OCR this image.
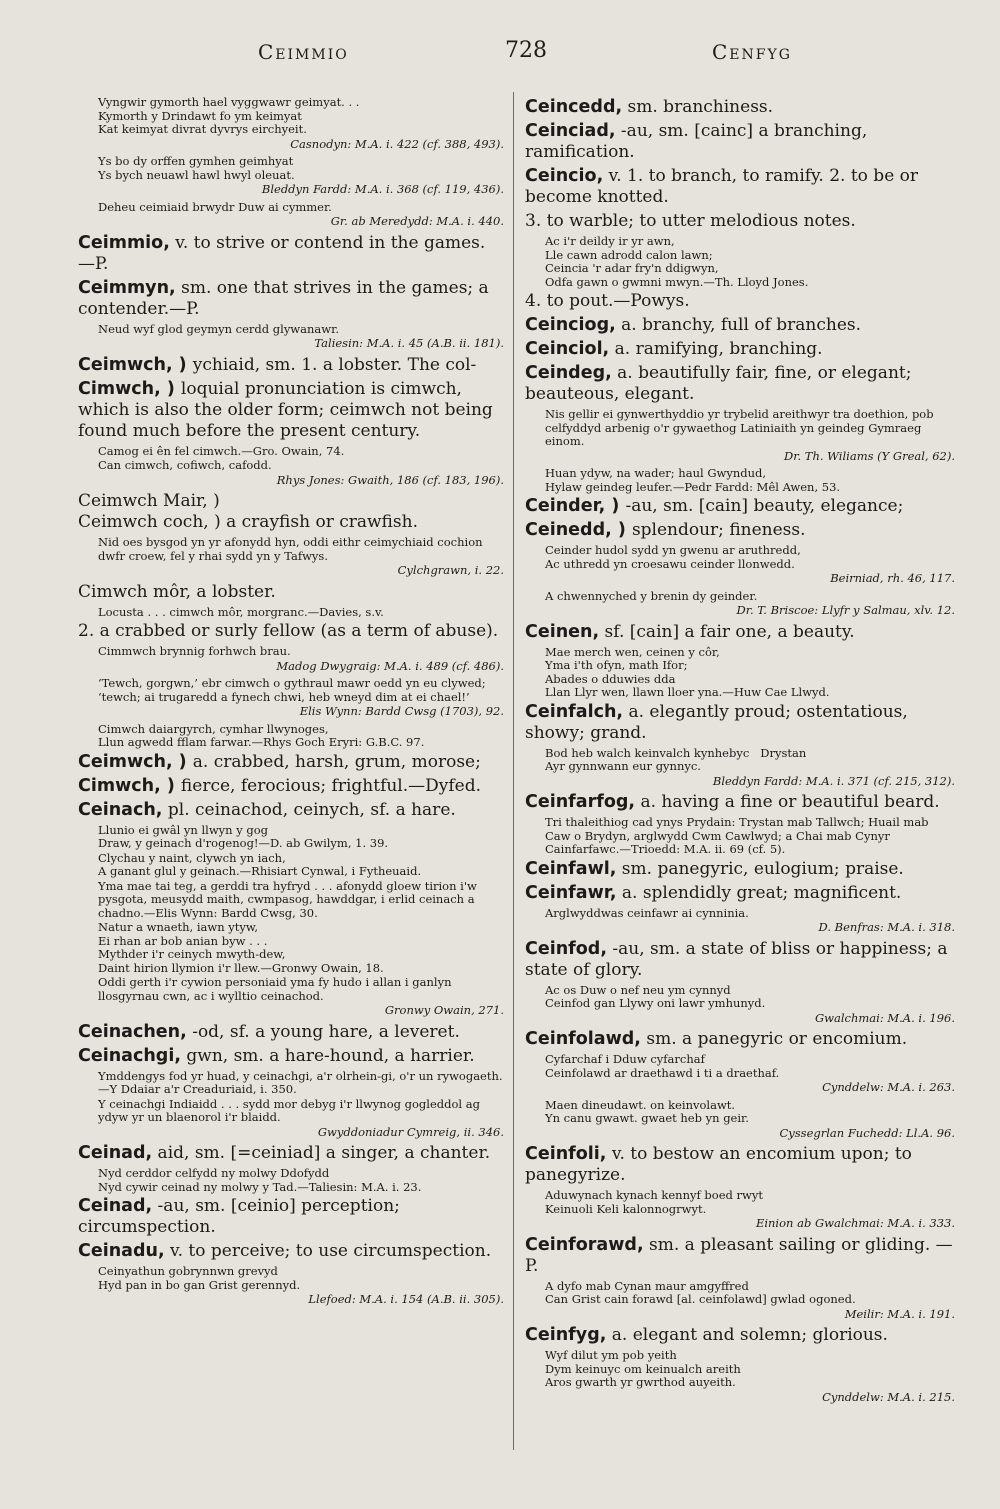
Ceimmio	728	Cenfyg
Vyngwir gymorth hael vyggwawr geimyat. . .
Kymorth y Drindawt fo ym keimyat
Kat keimyat divrat dyvrys eirchyeit.
Casnodyn: M.A. i. 422 (cf. 388, 493).
Ys bo dy orffen gymhen geimhyat
Ys bych neuawl hawl hwyl oleuat.
Bleddyn Fardd: M.A. i. 368 (cf. 119, 436).
Deheu ceimiaid brwydr Duw ai cymmer.
Gr. ab Meredydd: M.A. i. 440.
Ceimmio, v. to strive or contend in the games. —P.
Ceimmyn, sm. one that strives in the games; a contender.—P.
Neud wyf glod geymyn cerdd glywanawr.
Taliesin: M.A. i. 45 (A.B. ii. 181).
Ceimwch, ) ychiaid, sm. 1. a lobster. The col-
Cimwch, ) loquial pronunciation is cimwch, which is also the older form; ceimwch not being found much before the present century.
Camog ei ên fel cimwch.—Gro. Owain, 74.
Can cimwch, cofiwch, cafodd.
Rhys Jones: Gwaith, 186 (cf. 183, 196).
Ceimwch Mair, )
Ceimwch coch, ) a crayfish or crawfish.
Nid oes bysgod yn yr afonydd hyn, oddi eithr ceimychiaid cochion dwfr croew, fel y rhai sydd yn y Tafwys.
Cylchgrawn, i. 22.
Cimwch môr, a lobster.
Locusta . . . cimwch môr, morgranc.—Davies, s.v.
2. a crabbed or surly fellow (as a term of abuse).
Cimmwch brynnig forhwch brau.
Madog Dwygraig: M.A. i. 489 (cf. 486).
‘Tewch, gorgwn,’ ebr cimwch o gythraul mawr oedd yn eu clywed; ‘tewch; ai trugaredd a fynech chwi, heb wneyd dim at ei chael!’
Elis Wynn: Bardd Cwsg (1703), 92.
Cimwch daiargyrch, cymhar llwynoges,
Llun agwedd fflam farwar.—Rhys Goch Eryri: G.B.C. 97.
Ceimwch, ) a. crabbed, harsh, grum, morose;
Cimwch, ) fierce, ferocious; frightful.—Dyfed.
Ceinach, pl. ceinachod, ceinych, sf. a hare.
Llunio ei gwâl yn llwyn y gog
Draw, y geinach d'rogenog!—D. ab Gwilym, 1. 39.
Clychau y naint, clywch yn iach,
A ganant glul y geinach.—Rhisiart Cynwal, i Fytheuaid.
Yma mae tai teg, a gerddi tra hyfryd . . . afonydd gloew tirion i'w pysgota, meusydd maith, cwmpasog, hawddgar, i erlid ceinach a chadno.—Elis Wynn: Bardd Cwsg, 30.
Natur a wnaeth, iawn ytyw,
Ei rhan ar bob anian byw . . .
Mythder i'r ceinych mwyth-dew,
Daint hirion llymion i'r llew.—Gronwy Owain, 18.
Oddi gerth i'r cywion personiaid yma fy hudo i allan i ganlyn llosgyrnau cwn, ac i wylltio ceinachod.
Gronwy Owain, 271.
Ceinachen, -od, sf. a young hare, a leveret.
Ceinachgi, gwn, sm. a hare-hound, a harrier.
Ymddengys fod yr huad, y ceinachgi, a'r olrhein-gi, o'r un rywogaeth.—Y Ddaiar a'r Creaduriaid, i. 350.
Y ceinachgi Indiaidd . . . sydd mor debyg i'r llwynog gogleddol ag ydyw yr un blaenorol i'r blaidd.
Gwyddoniadur Cymreig, ii. 346.
Ceinad, aid, sm. [=ceiniad] a singer, a chanter.
Nyd cerddor celfydd ny molwy Ddofydd
Nyd cywir ceinad ny molwy y Tad.—Taliesin: M.A. i. 23.
Ceinad, -au, sm. [ceinio] perception; circumspection.
Ceinadu, v. to perceive; to use circumspection.
Ceinyathun gobrynnwn grevyd
Hyd pan in bo gan Grist gerennyd.
Llefoed: M.A. i. 154 (A.B. ii. 305).
Ceincedd, sm. branchiness.
Ceinciad, -au, sm. [cainc] a branching, ramification.
Ceincio, v. 1. to branch, to ramify. 2. to be or become knotted.
3. to warble; to utter melodious notes.
Ac i'r deildy ir yr awn,
Lle cawn adrodd calon lawn;
Ceincia 'r adar fry'n ddigwyn,
Odfa gawn o gwmni mwyn.—Th. Lloyd Jones.
4. to pout.—Powys.
Ceinciog, a. branchy, full of branches.
Ceinciol, a. ramifying, branching.
Ceindeg, a. beautifully fair, fine, or elegant; beauteous, elegant.
Nis gellir ei gynwerthyddio yr trybelid areithwyr tra doethion, pob celfyddyd arbenig o'r gywaethog Latiniaith yn geindeg Gymraeg einom.
Dr. Th. Wiliams (Y Greal, 62).
Huan ydyw, na wader; haul Gwyndud,
Hylaw geindeg leufer.—Pedr Fardd: Mêl Awen, 53.
Ceinder, ) -au, sm. [cain] beauty, elegance;
Ceinedd, ) splendour; fineness.
Ceinder hudol sydd yn gwenu ar aruthredd,
Ac uthredd yn croesawu ceinder llonwedd.
Beirniad, rh. 46, 117.
A chwennyched y brenin dy geinder.
Dr. T. Briscoe: Llyfr y Salmau, xlv. 12.
Ceinen, sf. [cain] a fair one, a beauty.
Mae merch wen, ceinen y côr,
Yma i'th ofyn, math Ifor;
Abades o dduwies dda
Llan Llyr wen, llawn lloer yna.—Huw Cae Llwyd.
Ceinfalch, a. elegantly proud; ostentatious, showy; grand.
Bod heb walch keinvalch kynhebyc   Drystan
Ayr gynnwann eur gynnyc.
Bleddyn Fardd: M.A. i. 371 (cf. 215, 312).
Ceinfarfog, a. having a fine or beautiful beard.
Tri thaleithiog cad ynys Prydain: Trystan mab Tallwch; Huail mab Caw o Brydyn, arglwydd Cwm Cawlwyd; a Chai mab Cynyr Cainfarfawc.—Trioedd: M.A. ii. 69 (cf. 5).
Ceinfawl, sm. panegyric, eulogium; praise.
Ceinfawr, a. splendidly great; magnificent.
Arglwyddwas ceinfawr ai cynninia.
D. Benfras: M.A. i. 318.
Ceinfod, -au, sm. a state of bliss or happiness; a state of glory.
Ac os Duw o nef neu ym cynnyd
Ceinfod gan Llywy oni lawr ymhunyd.
Gwalchmai: M.A. i. 196.
Ceinfolawd, sm. a panegyric or encomium.
Cyfarchaf i Dduw cyfarchaf
Ceinfolawd ar draethawd i ti a draethaf.
Cynddelw: M.A. i. 263.
Maen dineudawt. on keinvolawt.
Yn canu gwawt. gwaet heb yn geir.
Cyssegrlan Fuchedd: Ll.A. 96.
Ceinfoli, v. to bestow an encomium upon; to panegyrize.
Aduwynach kynach kennyf boed rwyt
Keinuoli Keli kalonnogrwyt.
Einion ab Gwalchmai: M.A. i. 333.
Ceinforawd, sm. a pleasant sailing or gliding. —P.
A dyfo mab Cynan maur amgyffred
Can Grist cain forawd [al. ceinfolawd] gwlad ogoned.
Meilir: M.A. i. 191.
Ceinfyg, a. elegant and solemn; glorious.
Wyf dilut ym pob yeith
Dym keinuyc om keinualch areith
Aros gwarth yr gwrthod auyeith.
Cynddelw: M.A. i. 215.
